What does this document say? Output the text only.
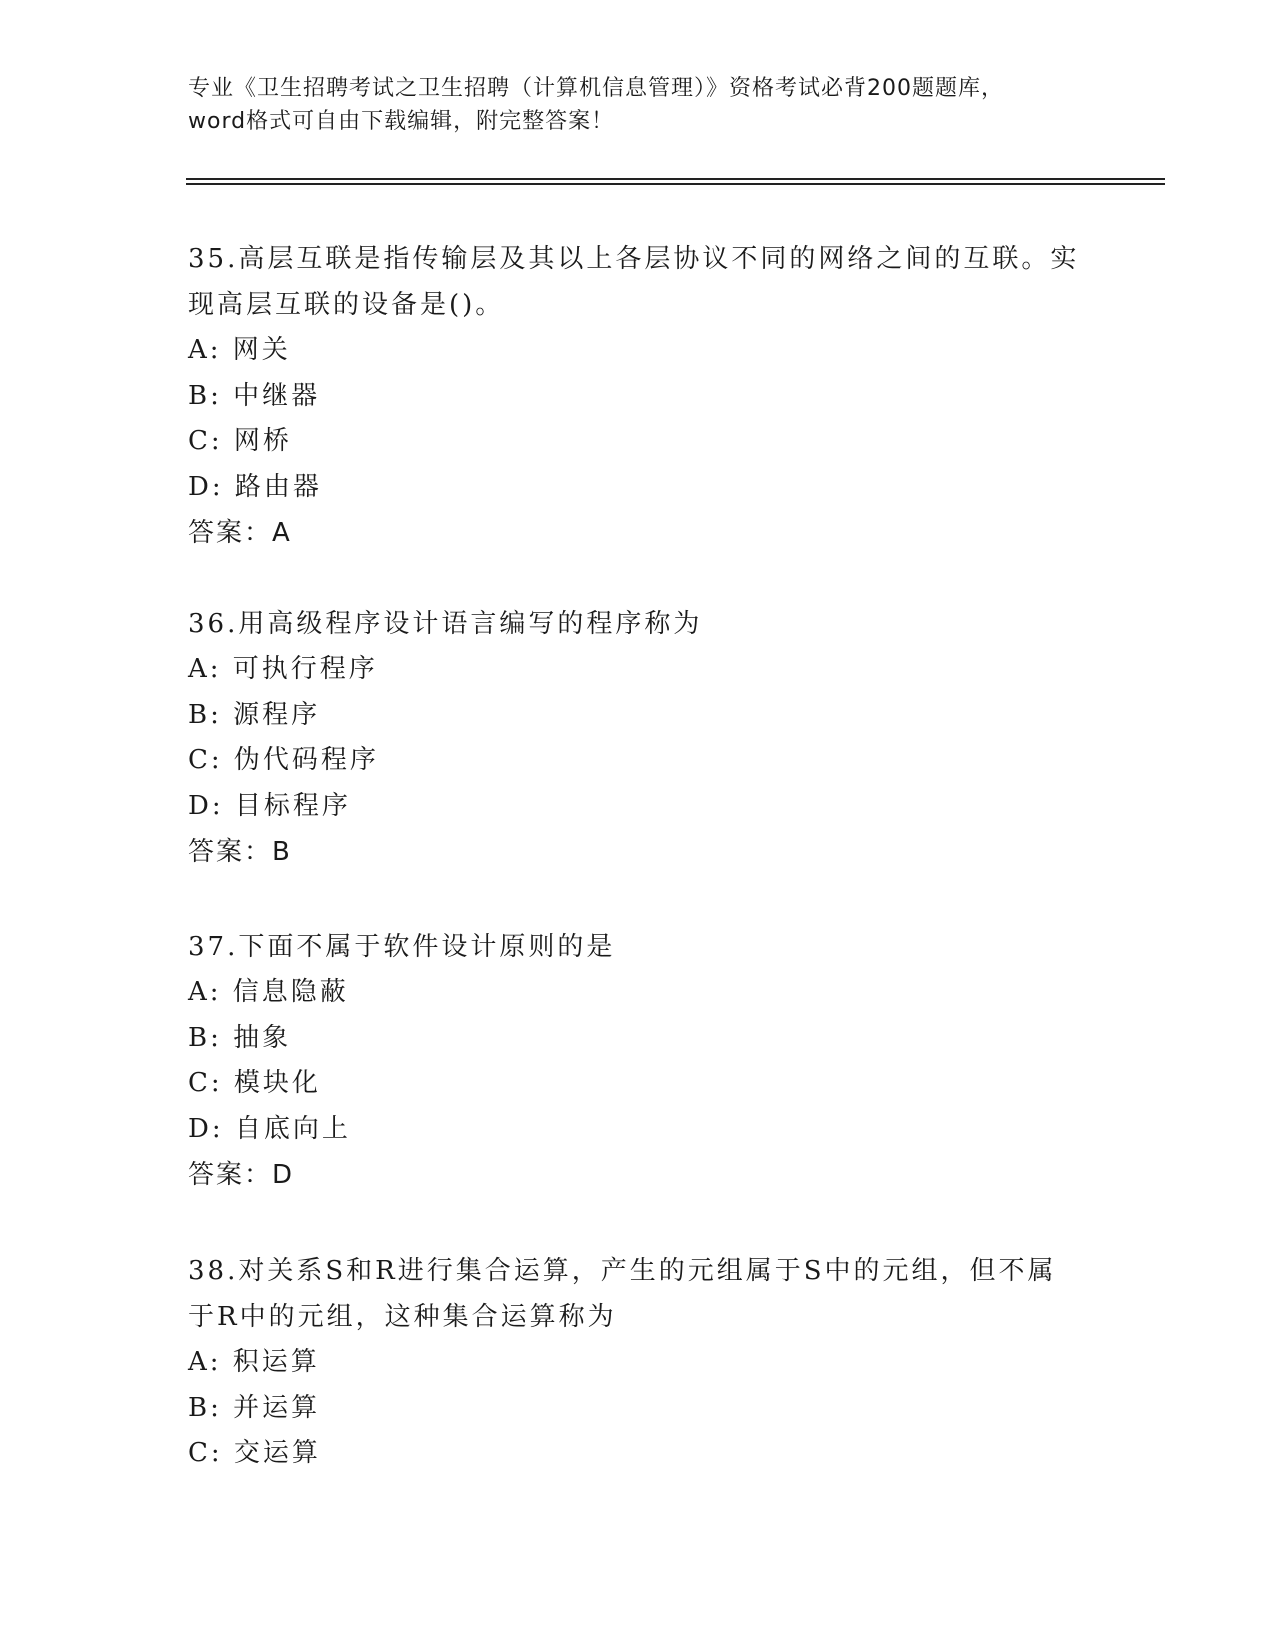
专业《卫生招聘考试之卫生招聘（计算机信息管理）》资格考试必背200题题库，
word格式可自由下载编辑，附完整答案！

35.高层互联是指传输层及其以上各层协议不同的网络之间的互联。实

现高层互联的设备是()。

A: 网关

B: 中继器

C: 网桥

D: 路由器

答案：A

36.用高级程序设计语言编写的程序称为

A: 可执行程序

B: 源程序

C: 伪代码程序

D: 目标程序

答案：B

37.下面不属于软件设计原则的是

A: 信息隐蔽

B: 抽象

C: 模块化

D: 自底向上

答案：D

38.对关系S和R进行集合运算，产生的元组属于S中的元组，但不属

于R中的元组，这种集合运算称为

A: 积运算

B: 并运算

C: 交运算
